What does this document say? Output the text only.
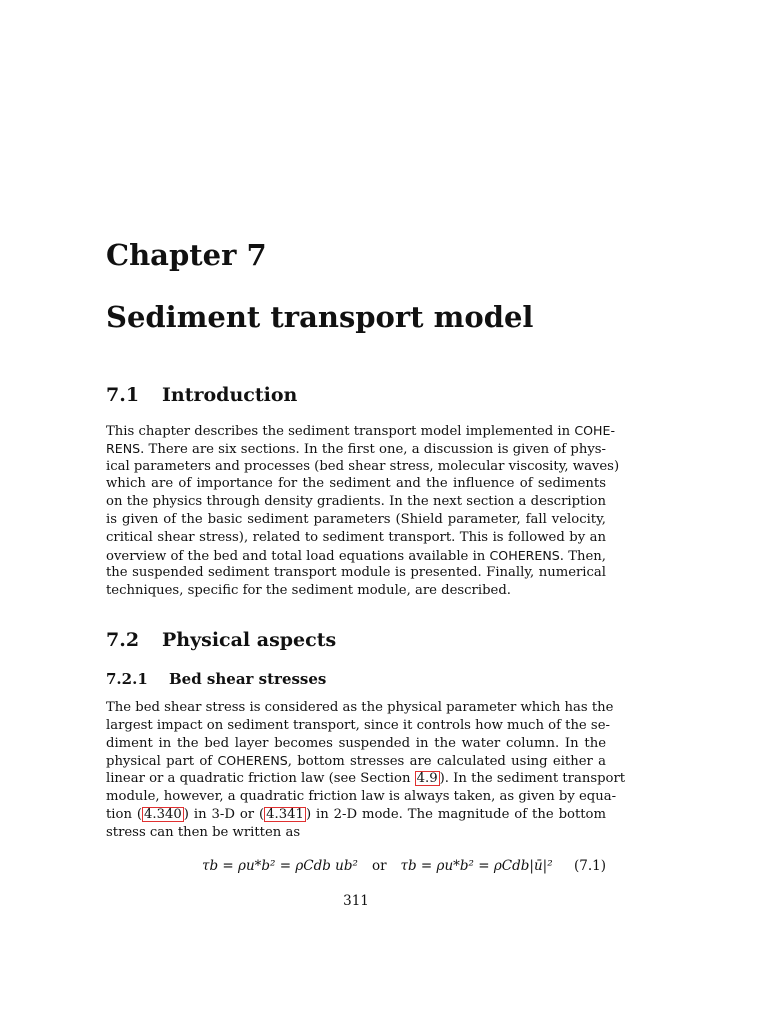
Chapter 7
Sediment transport model
7.1 Introduction
This chapter describes the sediment transport model implemented in COHE-
RENS. There are six sections. In the first one, a discussion is given of phys-
ical parameters and processes (bed shear stress, molecular viscosity, waves)
which are of importance for the sediment and the influence of sediments
on the physics through density gradients. In the next section a description
is given of the basic sediment parameters (Shield parameter, fall velocity,
critical shear stress), related to sediment transport. This is followed by an
overview of the bed and total load equations available in COHERENS. Then,
the suspended sediment transport module is presented. Finally, numerical
techniques, specific for the sediment module, are described.
7.2 Physical aspects
7.2.1 Bed shear stresses
The bed shear stress is considered as the physical parameter which has the
largest impact on sediment transport, since it controls how much of the se-
diment in the bed layer becomes suspended in the water column. In the
physical part of COHERENS, bottom stresses are calculated using either a
linear or a quadratic friction law (see Section 4.9 ). In the sediment transport
module, however, a quadratic friction law is always taken, as given by equa-
tion ( 4.340 ) in 3-D or ( 4.341 ) in 2-D mode. The magnitude of the bottom
stress can then be written as
τb = ρu*b² = ρCdb ub² or τb = ρu*b² = ρCdb|ū|² (7.1)
311
